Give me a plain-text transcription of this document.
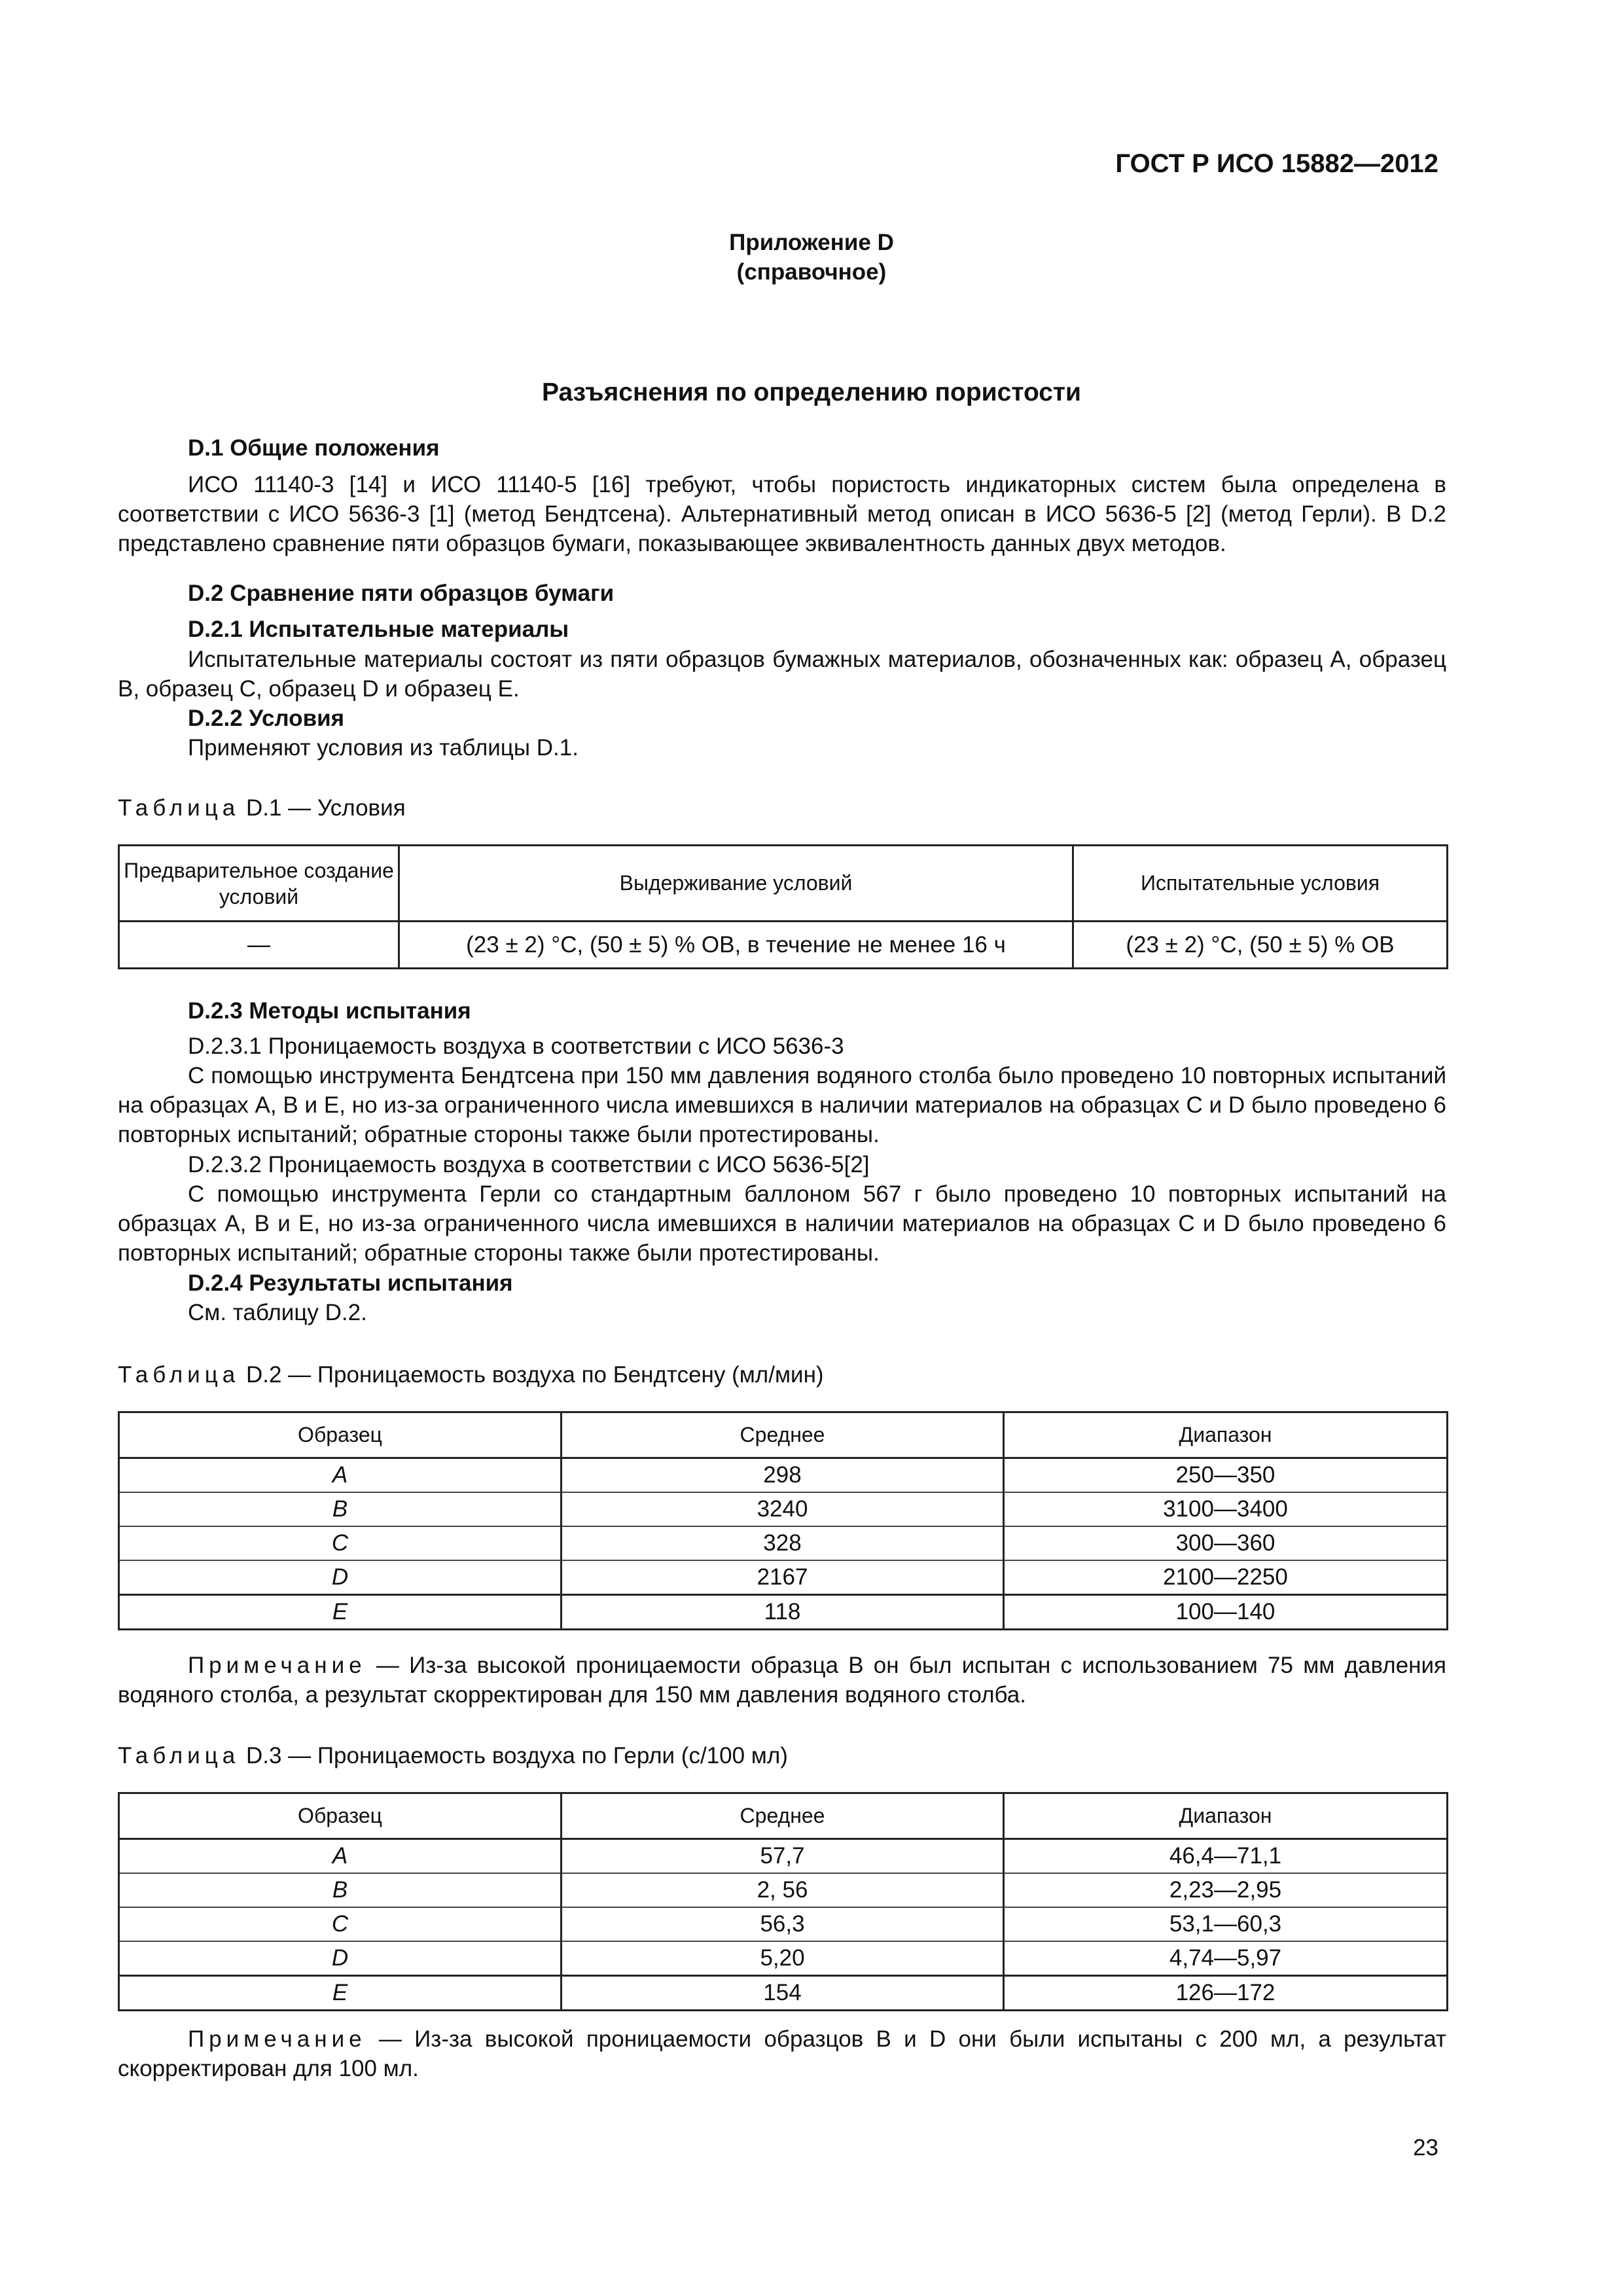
ГОСТ Р ИСО 15882—2012
Приложение D
(справочное)
Разъяснения по определению пористости
D.1 Общие положения
ИСО 11140-3 [14] и ИСО 11140-5 [16] требуют, чтобы пористость индикаторных систем была определена в соответствии с ИСО 5636-3 [1] (метод Бендтсена). Альтернативный метод описан в ИСО 5636-5 [2] (метод Герли). В D.2 представлено сравнение пяти образцов бумаги, показывающее эквивалентность данных двух методов.
D.2 Сравнение пяти образцов бумаги
D.2.1 Испытательные материалы
Испытательные материалы состоят из пяти образцов бумажных материалов, обозначенных как: образец A, образец B, образец C, образец D и образец E.
D.2.2 Условия
Применяют условия из таблицы D.1.
Таблица D.1 — Условия
Предварительное создание условий	Выдерживание условий	Испытательные условия
—	(23 ± 2) °С, (50 ± 5) % ОВ, в течение не менее 16 ч	(23 ± 2) °С, (50 ± 5) % ОВ
D.2.3 Методы испытания
D.2.3.1 Проницаемость воздуха в соответствии с ИСО 5636-3
С помощью инструмента Бендтсена при 150 мм давления водяного столба было проведено 10 повторных испытаний на образцах A, B и E, но из-за ограниченного числа имевшихся в наличии материалов на образцах C и D было проведено 6 повторных испытаний; обратные стороны также были протестированы.
D.2.3.2 Проницаемость воздуха в соответствии с ИСО 5636-5[2]
С помощью инструмента Герли со стандартным баллоном 567 г было проведено 10 повторных испытаний на образцах A, B и E, но из-за ограниченного числа имевшихся в наличии материалов на образцах C и D было проведено 6 повторных испытаний; обратные стороны также были протестированы.
D.2.4 Результаты испытания
См. таблицу D.2.
Таблица D.2 — Проницаемость воздуха по Бендтсену (мл/мин)
Образец	Среднее	Диапазон
A	298	250—350
B	3240	3100—3400
C	328	300—360
D	2167	2100—2250
E	118	100—140
Примечание — Из-за высокой проницаемости образца B он был испытан с использованием 75 мм давления водяного столба, а результат скорректирован для 150 мм давления водяного столба.
Таблица D.3 — Проницаемость воздуха по Герли (с/100 мл)
Образец	Среднее	Диапазон
A	57,7	46,4—71,1
B	2, 56	2,23—2,95
C	56,3	53,1—60,3
D	5,20	4,74—5,97
E	154	126—172
Примечание — Из-за высокой проницаемости образцов B и D они были испытаны с 200 мл, а результат скорректирован для 100 мл.
23
